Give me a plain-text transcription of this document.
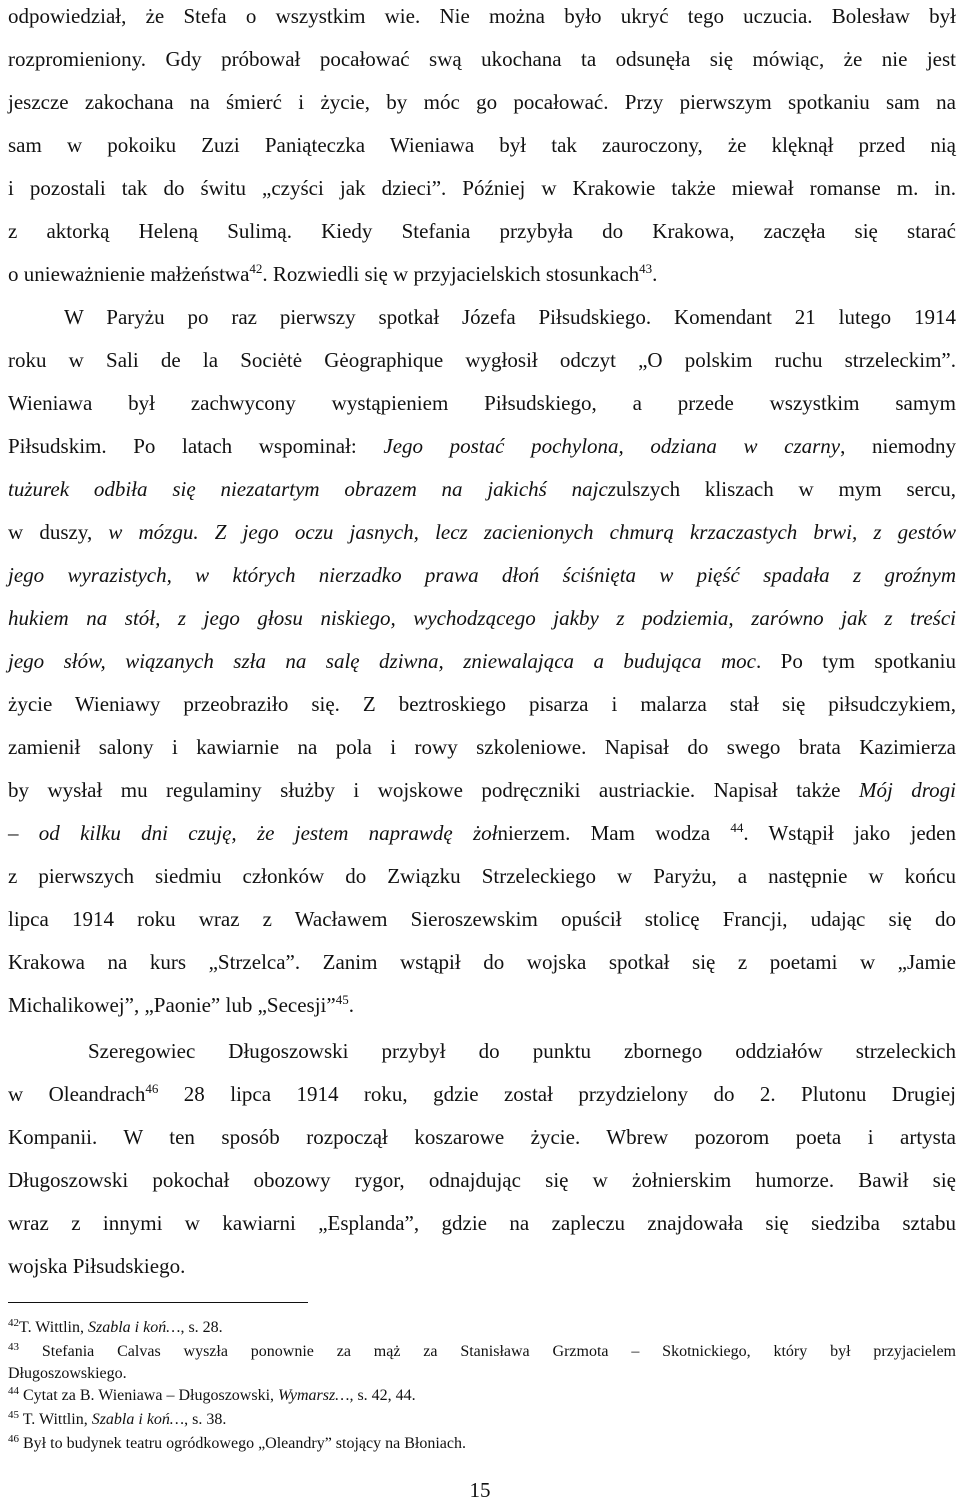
odpowiedział, że Stefa o wszystkim wie. Nie można było ukryć tego uczucia. Bolesław był
rozpromieniony. Gdy próbował pocałować swą ukochana ta odsunęła się mówiąc, że nie jest
jeszcze zakochana na śmierć i życie, by móc go pocałować. Przy pierwszym spotkaniu sam na
sam w pokoiku Zuzi Paniąteczka Wieniawa był tak zauroczony, że klęknął przed nią
i pozostali tak do świtu „czyści jak dzieci”. Później w Krakowie także miewał romanse m. in.
z aktorką Heleną Sulimą. Kiedy Stefania przybyła do Krakowa, zaczęła się starać
o unieważnienie małżeństwa$^{42}$. Rozwiedli się w przyjacielskich stosunkach$^{43}$.
W Paryżu po raz pierwszy spotkał Józefa Piłsudskiego. Komendant 21 lutego 1914
roku w Sali de la Sociėtė Gėographique wygłosił odczyt „O polskim ruchu strzeleckim”.
Wieniawa był zachwycony wystąpieniem Piłsudskiego, a przede wszystkim samym
Piłsudskim. Po latach wspominał: Jego postać pochylona, odziana w czarny, niemodny
tużurek odbiła się niezatartym obrazem na jakichś najczulszych kliszach w mym sercu,
w duszy, w mózgu. Z jego oczu jasnych, lecz zacienionych chmurą krzaczastych brwi, z gestów
jego wyrazistych, w których nierzadko prawa dłoń ściśnięta w pięść spadała z groźnym
hukiem na stół, z jego głosu niskiego, wychodzącego jakby z podziemia, zarówno jak z treści
jego słów, wiązanych szła na salę dziwna, zniewalająca a budująca moc. Po tym spotkaniu
życie Wieniawy przeobraziło się. Z beztroskiego pisarza i malarza stał się piłsudczykiem,
zamienił salony i kawiarnie na pola i rowy szkoleniowe. Napisał do swego brata Kazimierza
by wysłał mu regulaminy służby i wojskowe podręczniki austriackie. Napisał także Mój drogi
– od kilku dni czuję, że jestem naprawdę żołnierzem. Mam wodza $^{44}$. Wstąpił jako jeden
z pierwszych siedmiu członków do Związku Strzeleckiego w Paryżu, a następnie w końcu
lipca 1914 roku wraz z Wacławem Sieroszewskim opuścił stolicę Francji, udając się do
Krakowa na kurs „Strzelca”. Zanim wstąpił do wojska spotkał się z poetami w „Jamie
Michalikowej”, „Paonie” lub „Secesji”$^{45}$.
Szeregowiec Długoszowski przybył do punktu zbornego oddziałów strzeleckich
w Oleandrach$^{46}$ 28 lipca 1914 roku, gdzie został przydzielony do 2. Plutonu Drugiej
Kompanii. W ten sposób rozpoczął koszarowe życie. Wbrew pozorom poeta i artysta
Długoszowski pokochał obozowy rygor, odnajdując się w żołnierskim humorze. Bawił się
wraz z innymi w kawiarni „Esplanda”, gdzie na zapleczu znajdowała się siedziba sztabu
wojska Piłsudskiego.
$^{42}$T. Wittlin, Szabla i koń…, s. 28.
$^{43}$ Stefania Calvas wyszła ponownie za mąż za Stanisława Grzmota – Skotnickiego, który był przyjacielem
Długoszowskiego.
$^{44}$ Cytat za B. Wieniawa – Długoszowski, Wymarsz…, s. 42, 44.
$^{45}$ T. Wittlin, Szabla i koń…, s. 38.
$^{46}$ Był to budynek teatru ogródkowego „Oleandry” stojący na Błoniach.
15
